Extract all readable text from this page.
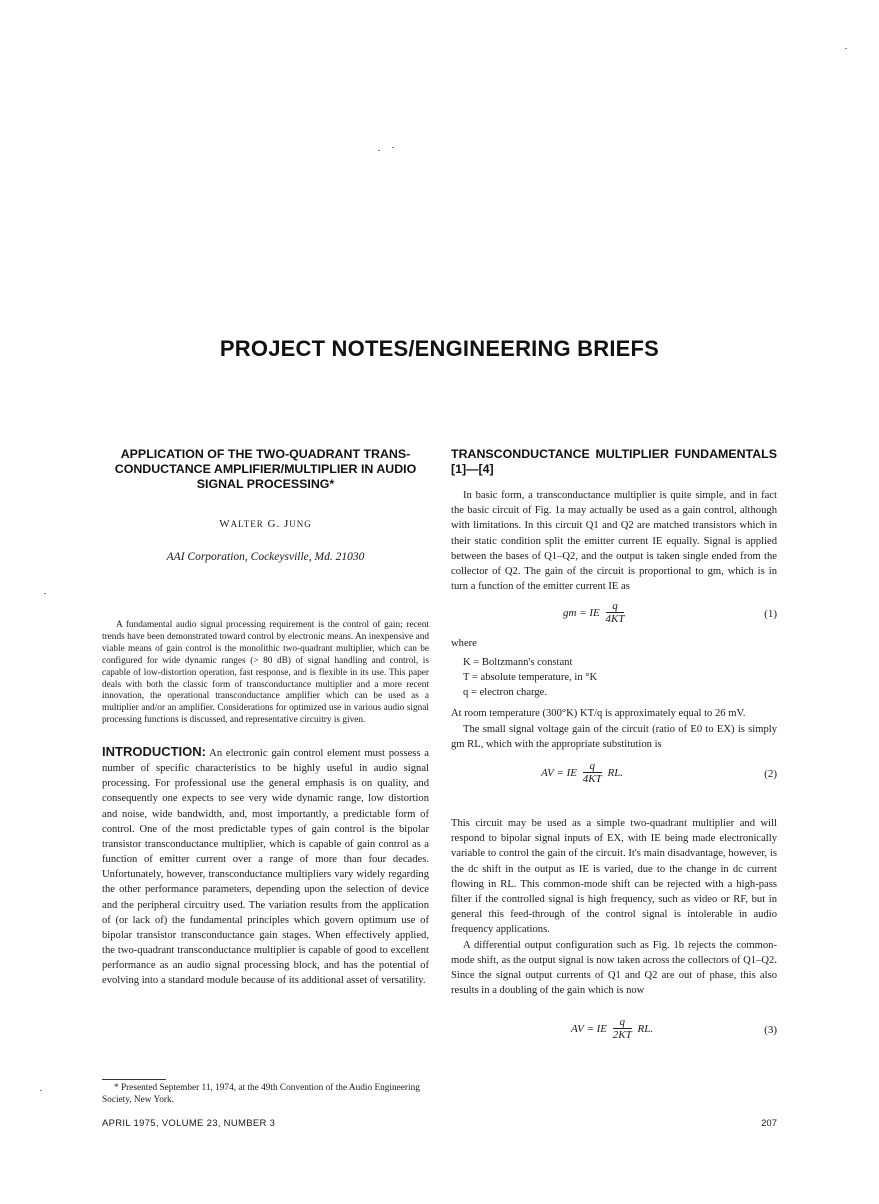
PROJECT NOTES/ENGINEERING BRIEFS
APPLICATION OF THE TWO-QUADRANT TRANS-CONDUCTANCE AMPLIFIER/MULTIPLIER IN AUDIO SIGNAL PROCESSING*
WALTER G. JUNG
AAI Corporation, Cockeysville, Md. 21030

A fundamental audio signal processing requirement is the control of gain; recent trends have been demonstrated toward control by electronic means. An inexpensive and viable means of gain control is the monolithic two-quadrant multiplier, which can be configured for wide dynamic ranges (> 80 dB) of signal handling and control, is capable of low-distortion operation, fast response, and is flexible in its use. This paper deals with both the classic form of transconductance multiplier and a more recent innovation, the operational transconductance amplifier which can be used as a multiplier and/or an amplifier. Considerations for optimized use in various audio signal processing functions is discussed, and representative circuitry is given.

INTRODUCTION: An electronic gain control element must possess a number of specific characteristics to be highly useful in audio signal processing. For professional use the general emphasis is on quality, and consequently one expects to see very wide dynamic range, low distortion and noise, wide bandwidth, and, most importantly, a predictable form of control. One of the most predictable types of gain control is the bipolar transistor transconductance multiplier, which is capable of gain control as a function of emitter current over a range of more than four decades. Unfortunately, however, transconductance multipliers vary widely regarding the other performance parameters, depending upon the selection of device and the peripheral circuitry used. The variation results from the application of (or lack of) the fundamental principles which govern optimum use of bipolar transistor transconductance gain stages. When effectively applied, the two-quadrant transconductance multiplier is capable of good to excellent performance as an audio signal processing block, and has the potential of evolving into a standard module because of its additional asset of versatility.

* Presented September 11, 1974, at the 49th Convention of the Audio Engineering Society, New York.

TRANSCONDUCTANCE MULTIPLIER FUNDAMENTALS [1]—[4]

In basic form, a transconductance multiplier is quite simple, and in fact the basic circuit of Fig. 1a may actually be used as a gain control, although with limitations. In this circuit Q1 and Q2 are matched transistors which in their static condition split the emitter current IE equally. Signal is applied between the bases of Q1–Q2, and the output is taken single ended from the collector of Q2. The gain of the circuit is proportional to gm, which is in turn a function of the emitter current IE as

gm = IE $\frac{q}{4KT}$	(1)
where
K = Boltzmann's constant
T = absolute temperature, in °K
q = electron charge.

At room temperature (300°K) KT/q is approximately equal to 26 mV.

The small signal voltage gain of the circuit (ratio of E0 to EX) is simply gm RL, which with the appropriate substitution is

AV = IE $\frac{q}{4KT}$ RL.	(2)

This circuit may be used as a simple two-quadrant multiplier and will respond to bipolar signal inputs of EX, with IE being made electronically variable to control the gain of the circuit. It's main disadvantage, however, is the dc shift in the output as IE is varied, due to the change in dc current flowing in RL. This common-mode shift can be rejected with a high-pass filter if the controlled signal is high frequency, such as video or RF, but in general this feed-through of the control signal is intolerable in audio frequency applications.

A differential output configuration such as Fig. 1b rejects the common-mode shift, as the output signal is now taken across the collectors of Q1–Q2. Since the signal output currents of Q1 and Q2 are out of phase, this also results in a doubling of the gain which is now

AV = IE $\frac{q}{2KT}$ RL.	(3)
APRIL 1975, VOLUME 23, NUMBER 3	207
